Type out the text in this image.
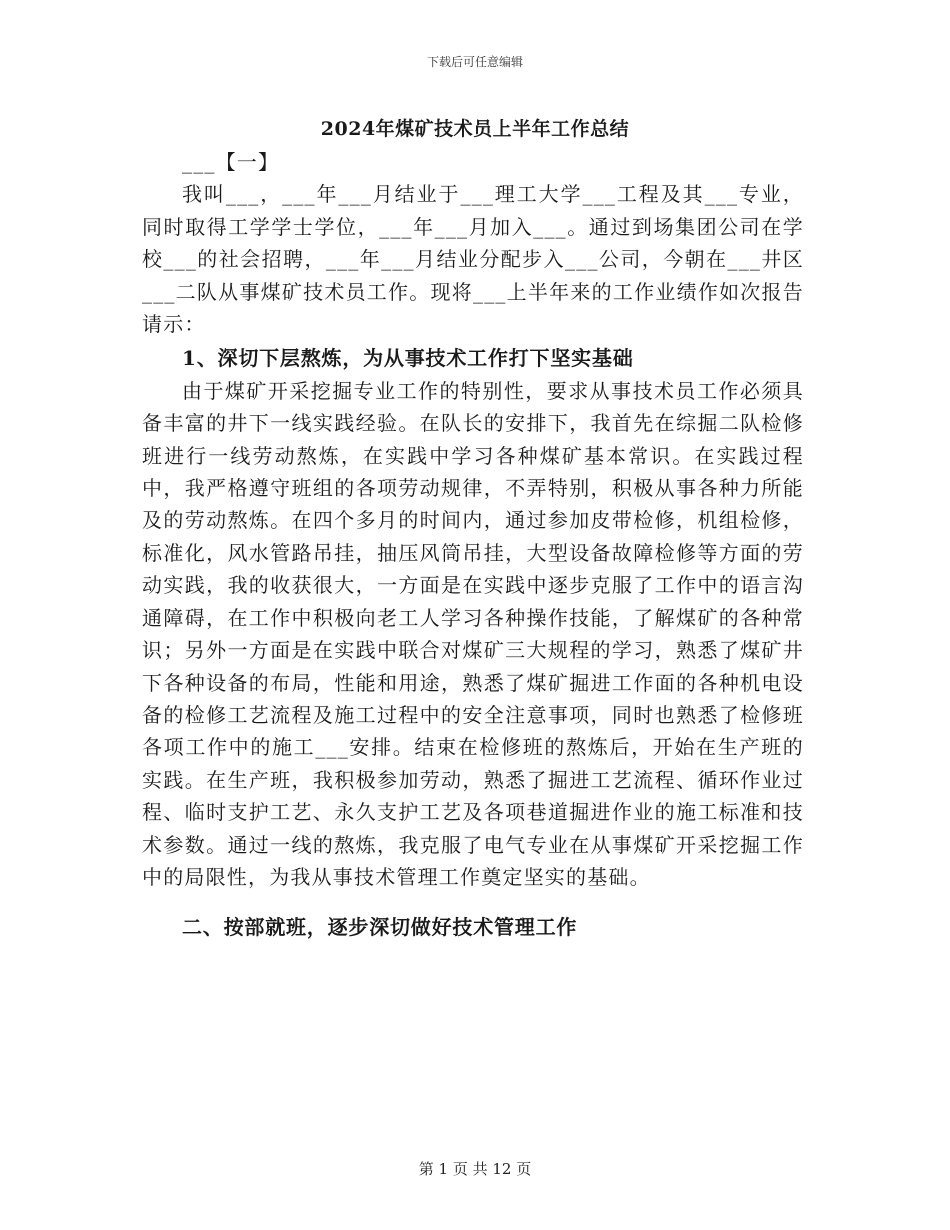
下载后可任意编辑
2024年煤矿技术员上半年工作总结

___【一】

我叫___，___年___月结业于___理工大学___工程及其___专业，同时取得工学学士学位，___年___月加入___。通过到场集团公司在学校___的社会招聘，___年___月结业分配步入___公司，今朝在___井区___二队从事煤矿技术员工作。现将___上半年来的工作业绩作如次报告请示：

1、深切下层熬炼，为从事技术工作打下坚实基础

由于煤矿开采挖掘专业工作的特别性，要求从事技术员工作必须具备丰富的井下一线实践经验。在队长的安排下，我首先在综掘二队检修班进行一线劳动熬炼，在实践中学习各种煤矿基本常识。在实践过程中，我严格遵守班组的各项劳动规律，不弄特别，积极从事各种力所能及的劳动熬炼。在四个多月的时间内，通过参加皮带检修，机组检修，标准化，风水管路吊挂，抽压风筒吊挂，大型设备故障检修等方面的劳动实践，我的收获很大，一方面是在实践中逐步克服了工作中的语言沟通障碍，在工作中积极向老工人学习各种操作技能，了解煤矿的各种常识；另外一方面是在实践中联合对煤矿三大规程的学习，熟悉了煤矿井下各种设备的布局，性能和用途，熟悉了煤矿掘进工作面的各种机电设备的检修工艺流程及施工过程中的安全注意事项，同时也熟悉了检修班各项工作中的施工___安排。结束在检修班的熬炼后，开始在生产班的实践。在生产班，我积极参加劳动，熟悉了掘进工艺流程、循环作业过程、临时支护工艺、永久支护工艺及各项巷道掘进作业的施工标准和技术参数。通过一线的熬炼，我克服了电气专业在从事煤矿开采挖掘工作中的局限性，为我从事技术管理工作奠定坚实的基础。

二、按部就班，逐步深切做好技术管理工作

第 1 页 共 12 页
